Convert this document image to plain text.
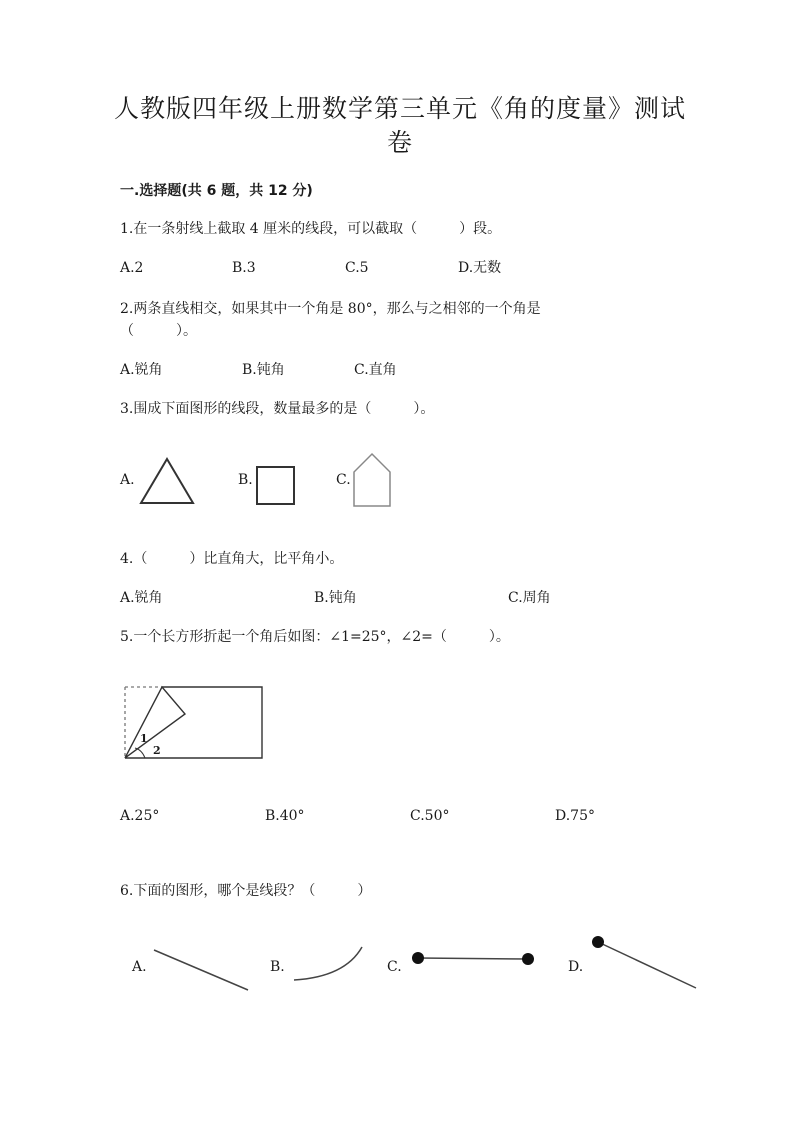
人教版四年级上册数学第三单元《角的度量》测试
卷
一.选择题(共 6 题，共 12 分)
1.在一条射线上截取 4 厘米的线段，可以截取（　　　）段。
A.2	B.3	C.5	D.无数
2.两条直线相交，如果其中一个角是 80°，那么与之相邻的一个角是
（　　　）。
A.锐角	B.钝角	C.直角
3.围成下面图形的线段，数量最多的是（　　　）。
A.	B.	C.
4.（　　　）比直角大，比平角小。
A.锐角	B.钝角	C.周角
5.一个长方形折起一个角后如图：∠1=25°，∠2=（　　　）。
1
2
A.25°	B.40°	C.50°	D.75°
6.下面的图形，哪个是线段？（　　　）
A.	B.	C.	D.
